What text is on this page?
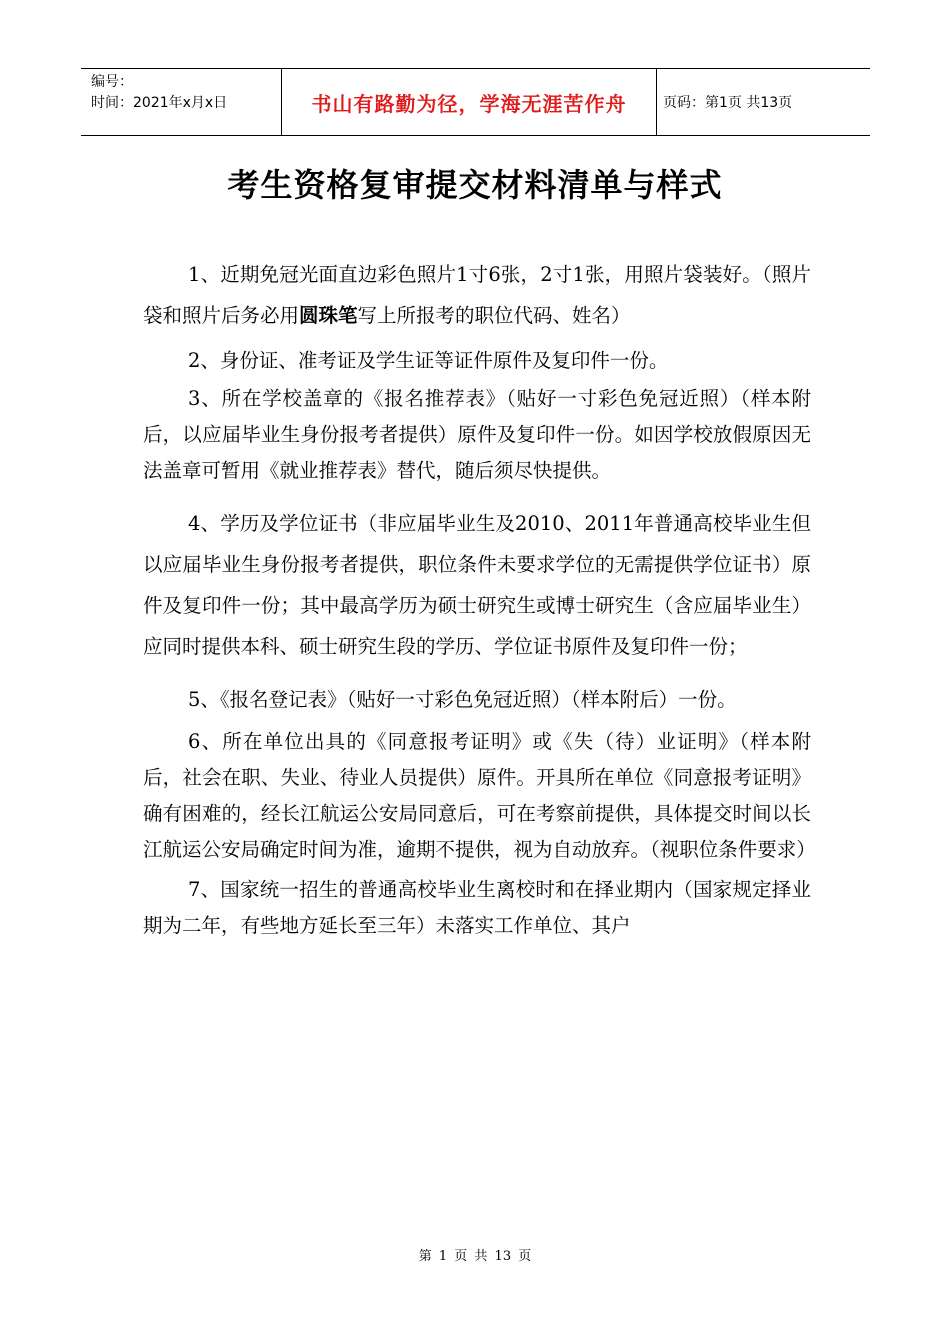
编号：
时间：2021年x月x日	书山有路勤为径，学海无涯苦作舟	页码：第1页 共13页
考生资格复审提交材料清单与样式

1、近期免冠光面直边彩色照片1寸6张，2寸1张，用照片袋装好。（照片袋和照片后务必用圆珠笔写上所报考的职位代码、姓名）

2、身份证、准考证及学生证等证件原件及复印件一份。

3、所在学校盖章的《报名推荐表》（贴好一寸彩色免冠近照）（样本附后，以应届毕业生身份报考者提供）原件及复印件一份。如因学校放假原因无法盖章可暂用《就业推荐表》替代，随后须尽快提供。

4、学历及学位证书（非应届毕业生及2010、2011年普通高校毕业生但以应届毕业生身份报考者提供，职位条件未要求学位的无需提供学位证书）原件及复印件一份；其中最高学历为硕士研究生或博士研究生（含应届毕业生）应同时提供本科、硕士研究生段的学历、学位证书原件及复印件一份；

5、《报名登记表》（贴好一寸彩色免冠近照）（样本附后）一份。

6、所在单位出具的《同意报考证明》或《失（待）业证明》（样本附后，社会在职、失业、待业人员提供）原件。开具所在单位《同意报考证明》确有困难的，经长江航运公安局同意后，可在考察前提供，具体提交时间以长江航运公安局确定时间为准，逾期不提供，视为自动放弃。（视职位条件要求）

7、国家统一招生的普通高校毕业生离校时和在择业期内（国家规定择业期为二年，有些地方延长至三年）未落实工作单位、其户

第 1 页 共 13 页
